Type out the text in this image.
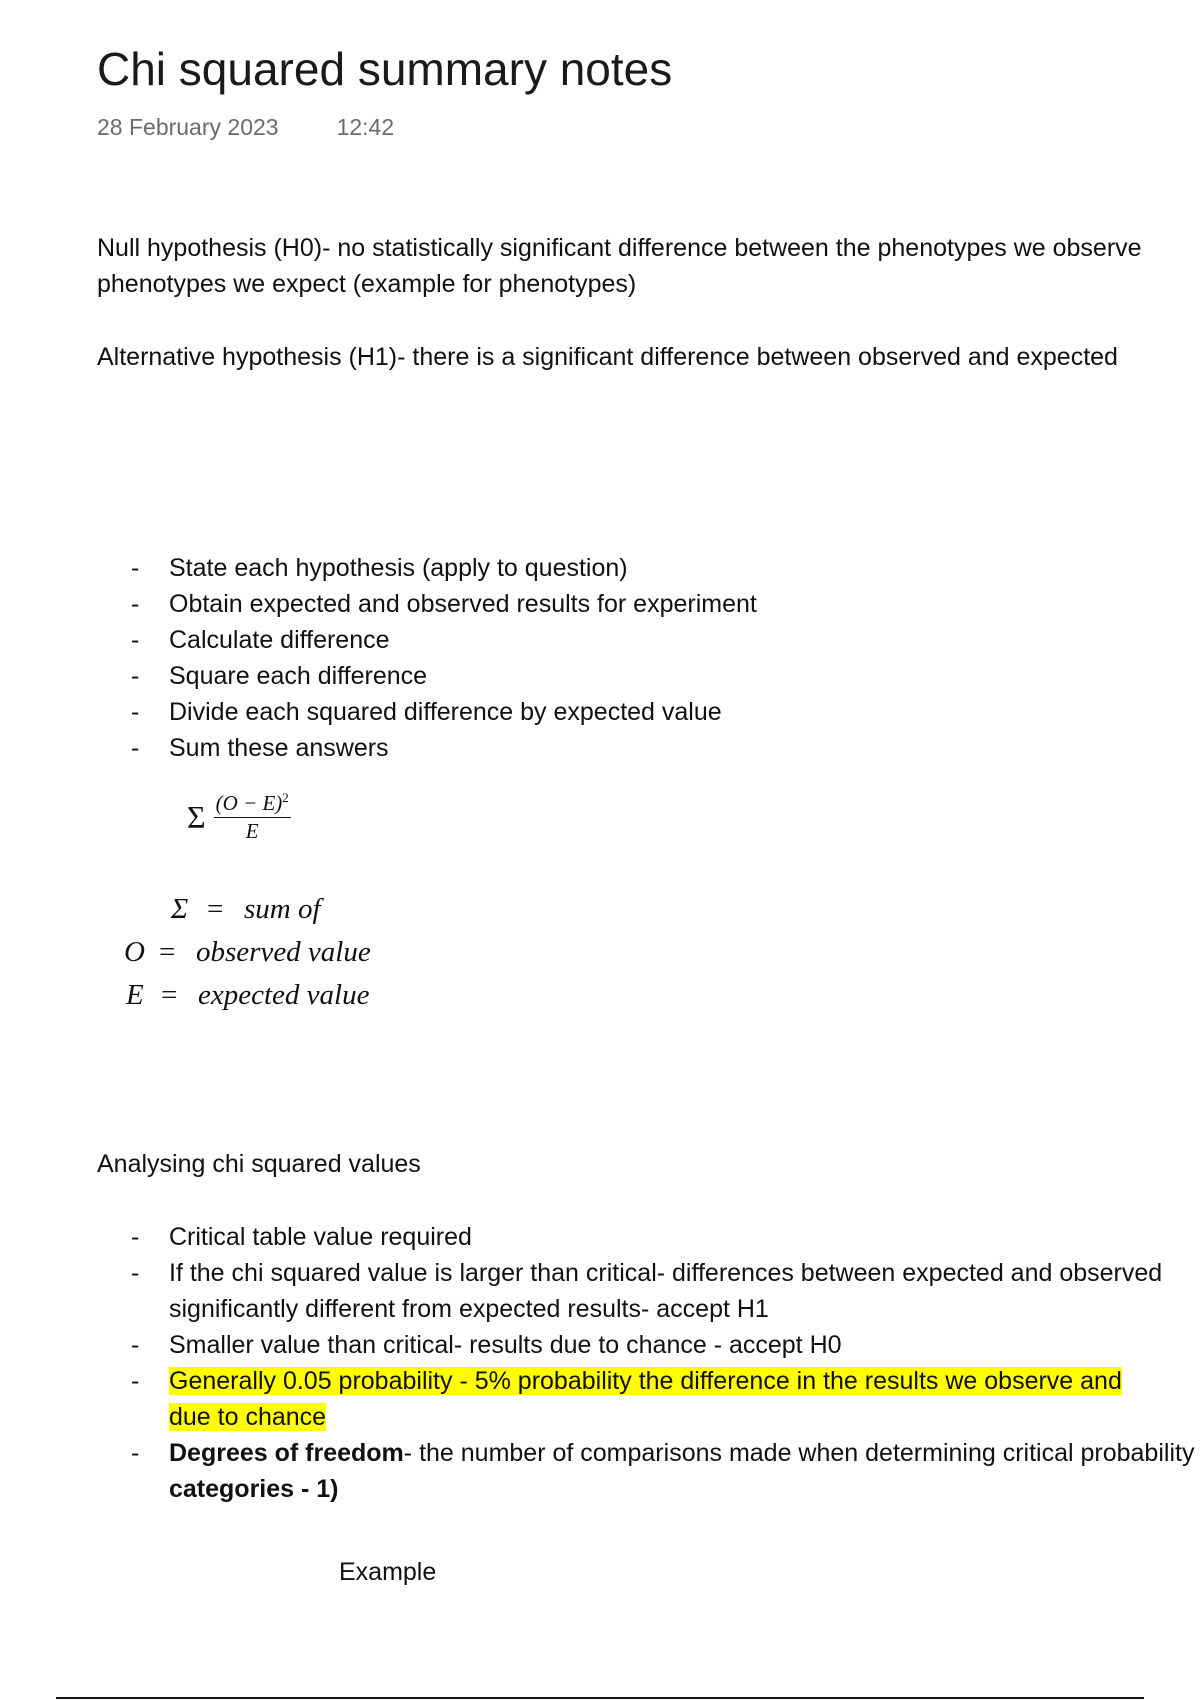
Chi squared summary notes
28 February 2023	12:42
Null hypothesis (H0)- no statistically significant difference between the phenotypes we observe
phenotypes we expect (example for phenotypes)
Alternative hypothesis (H1)- there is a significant difference between observed and expected
- State each hypothesis (apply to question)
- Obtain expected and observed results for experiment
- Calculate difference
- Square each difference
- Divide each squared difference by expected value
- Sum these answers
Σ $\frac{(O - E)^2}{E}$
Σ = sum of
O = observed value
E = expected value
Analysing chi squared values
- Critical table value required
- If the chi squared value is larger than critical- differences between expected and observed
significantly different from expected results- accept H1
- Smaller value than critical- results due to chance - accept H0
- Generally 0.05 probability - 5% probability the difference in the results we observe and
due to chance
- Degrees of freedom- the number of comparisons made when determining critical probability
categories - 1)
Example
